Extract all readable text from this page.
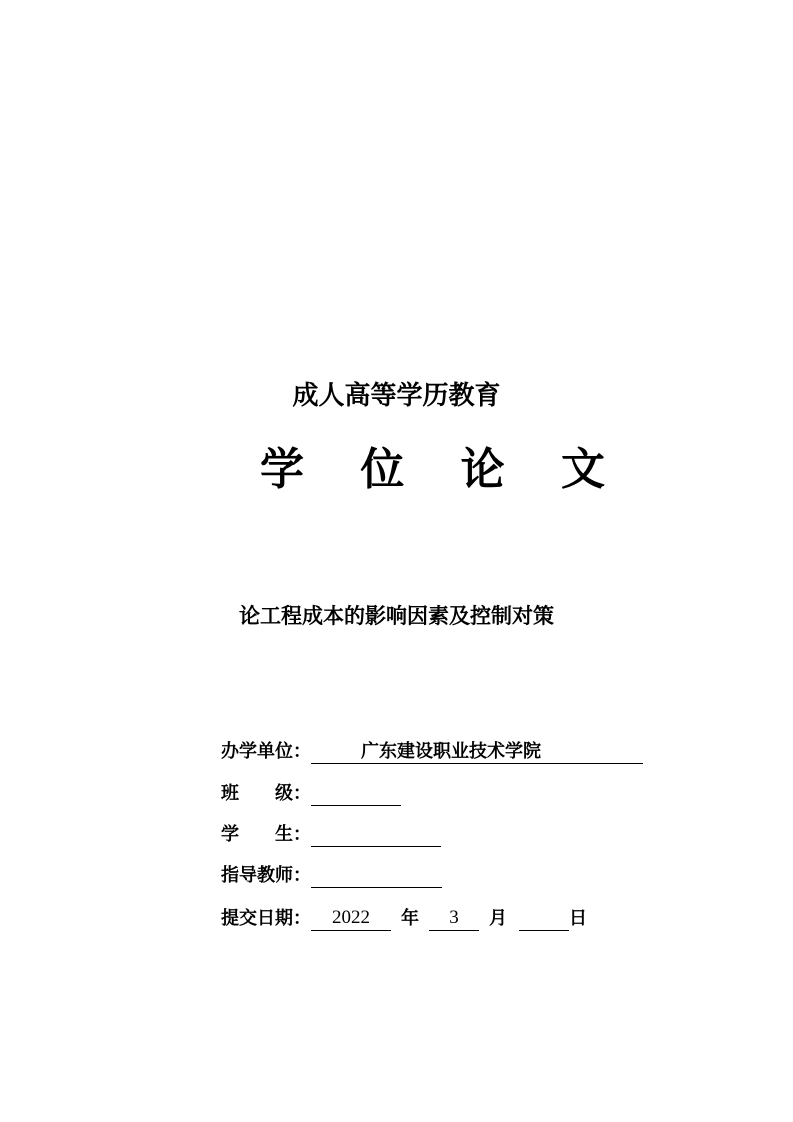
成人高等学历教育
学 位 论 文
论工程成本的影响因素及控制对策
办学单位：	广东建设职业技术学院
班　　级：
学　　生：
指导教师：
提交日期：	2022	年	3	月	日
